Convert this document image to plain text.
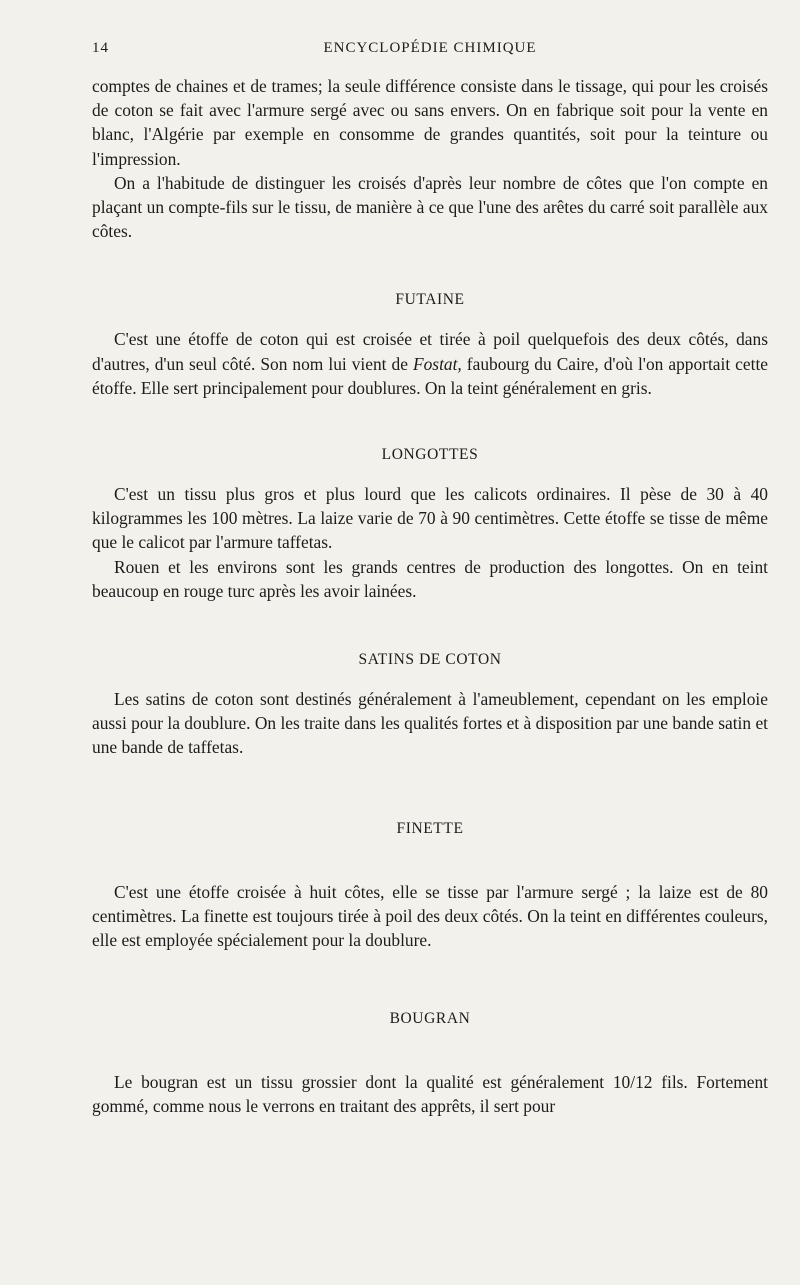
14	ENCYCLOPÉDIE CHIMIQUE

comptes de chaines et de trames; la seule différence consiste dans le tissage, qui pour les croisés de coton se fait avec l'armure sergé avec ou sans envers. On en fabrique soit pour la vente en blanc, l'Algérie par exemple en consomme de grandes quantités, soit pour la teinture ou l'impression.

On a l'habitude de distinguer les croisés d'après leur nombre de côtes que l'on compte en plaçant un compte-fils sur le tissu, de manière à ce que l'une des arêtes du carré soit parallèle aux côtes.

FUTAINE

C'est une étoffe de coton qui est croisée et tirée à poil quelquefois des deux côtés, dans d'autres, d'un seul côté. Son nom lui vient de Fostat, faubourg du Caire, d'où l'on apportait cette étoffe. Elle sert principalement pour doublures. On la teint généralement en gris.

LONGOTTES

C'est un tissu plus gros et plus lourd que les calicots ordinaires. Il pèse de 30 à 40 kilogrammes les 100 mètres. La laize varie de 70 à 90 centimètres. Cette étoffe se tisse de même que le calicot par l'armure taffetas.

Rouen et les environs sont les grands centres de production des longottes. On en teint beaucoup en rouge turc après les avoir lainées.

SATINS DE COTON

Les satins de coton sont destinés généralement à l'ameublement, cependant on les emploie aussi pour la doublure. On les traite dans les qualités fortes et à disposition par une bande satin et une bande de taffetas.

FINETTE

C'est une étoffe croisée à huit côtes, elle se tisse par l'armure sergé ; la laize est de 80 centimètres. La finette est toujours tirée à poil des deux côtés. On la teint en différentes couleurs, elle est employée spécialement pour la doublure.

BOUGRAN

Le bougran est un tissu grossier dont la qualité est généralement 10/12 fils. Fortement gommé, comme nous le verrons en traitant des apprêts, il sert pour
